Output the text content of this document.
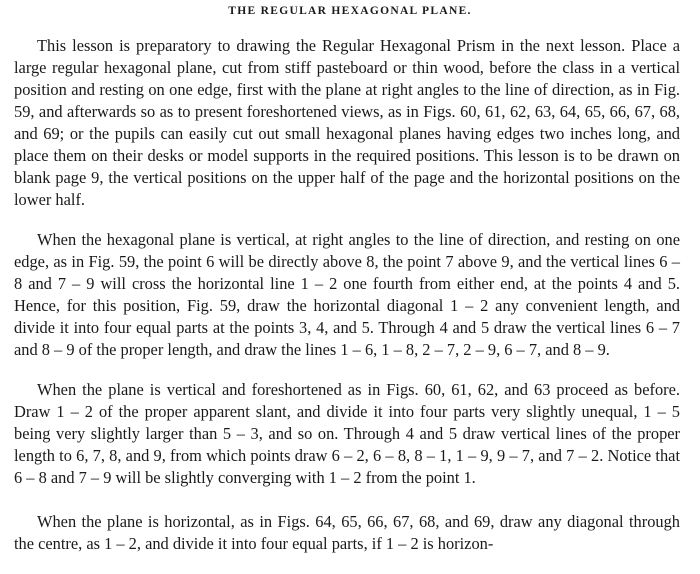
THE REGULAR HEXAGONAL PLANE.

This lesson is preparatory to drawing the Regular Hexagonal Prism in the next lesson. Place a large regular hexagonal plane, cut from stiff pasteboard or thin wood, before the class in a vertical position and resting on one edge, first with the plane at right angles to the line of direction, as in Fig. 59, and afterwards so as to present foreshortened views, as in Figs. 60, 61, 62, 63, 64, 65, 66, 67, 68, and 69; or the pupils can easily cut out small hexagonal planes having edges two inches long, and place them on their desks or model supports in the required positions. This lesson is to be drawn on blank page 9, the vertical positions on the upper half of the page and the horizontal positions on the lower half.

When the hexagonal plane is vertical, at right angles to the line of direction, and resting on one edge, as in Fig. 59, the point 6 will be directly above 8, the point 7 above 9, and the vertical lines 6 – 8 and 7 – 9 will cross the horizontal line 1 – 2 one fourth from either end, at the points 4 and 5. Hence, for this position, Fig. 59, draw the horizontal diagonal 1 – 2 any convenient length, and divide it into four equal parts at the points 3, 4, and 5. Through 4 and 5 draw the vertical lines 6 – 7 and 8 – 9 of the proper length, and draw the lines 1 – 6, 1 – 8, 2 – 7, 2 – 9, 6 – 7, and 8 – 9.

When the plane is vertical and foreshortened as in Figs. 60, 61, 62, and 63 proceed as before. Draw 1 – 2 of the proper apparent slant, and divide it into four parts very slightly unequal, 1 – 5 being very slightly larger than 5 – 3, and so on. Through 4 and 5 draw vertical lines of the proper length to 6, 7, 8, and 9, from which points draw 6 – 2, 6 – 8, 8 – 1, 1 – 9, 9 – 7, and 7 – 2. Notice that 6 – 8 and 7 – 9 will be slightly converging with 1 – 2 from the point 1.

When the plane is horizontal, as in Figs. 64, 65, 66, 67, 68, and 69, draw any diagonal through the centre, as 1 – 2, and divide it into four equal parts, if 1 – 2 is horizon-
